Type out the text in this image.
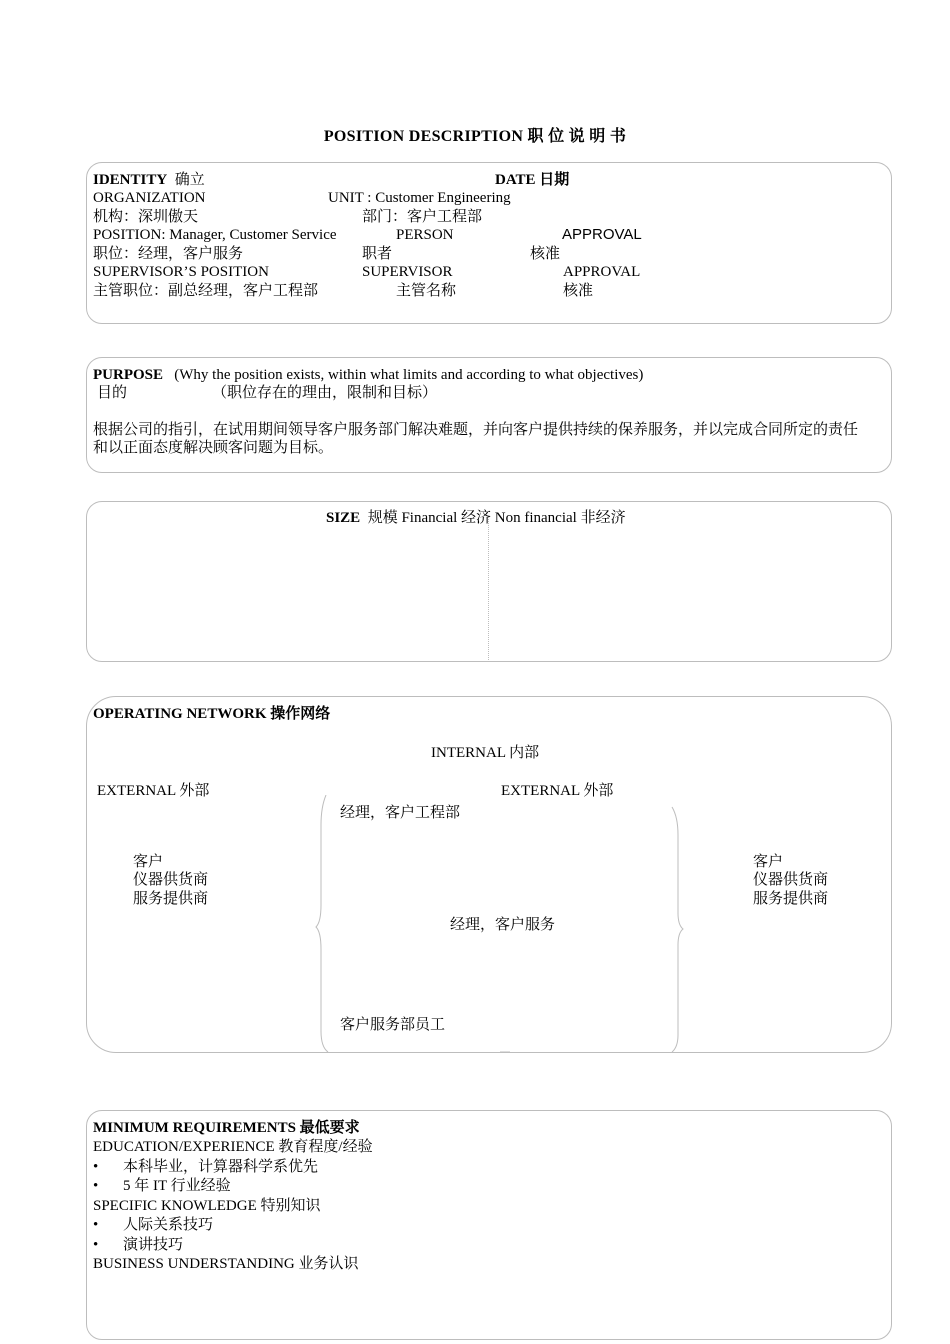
POSITION DESCRIPTION 职 位 说 明 书
IDENTITY 确立	DATE 日期
ORGANIZATION	UNIT : Customer Engineering
机构：深圳傲天	部门：客户工程部
POSITION: Manager, Customer Service	PERSON	APPROVAL
职位：经理，客户服务	职者	核准
SUPERVISOR’S POSITION	SUPERVISOR	APPROVAL
主管职位：副总经理，客户工程部	主管名称	核准
PURPOSE (Why the position exists, within what limits and according to what objectives)
目的	（职位存在的理由，限制和目标）
根据公司的指引，在试用期间领导客户服务部门解决难题，并向客户提供持续的保养服务，并以完成合同所定的责任
和以正面态度解决顾客问题为目标。
SIZE 规模 Financial 经济 Non financial 非经济
OPERATING NETWORK 操作网络
INTERNAL 内部
EXTERNAL 外部	EXTERNAL 外部
经理，客户工程部
经理，客户服务
客户服务部员工
客户
仪器供货商
服务提供商
客户
仪器供货商
服务提供商
MINIMUM REQUIREMENTS 最低要求
EDUCATION/EXPERIENCE 教育程度/经验
• 本科毕业，计算器科学系优先
• 5 年 IT 行业经验
SPECIFIC KNOWLEDGE 特别知识
• 人际关系技巧
• 演讲技巧
BUSINESS UNDERSTANDING 业务认识
